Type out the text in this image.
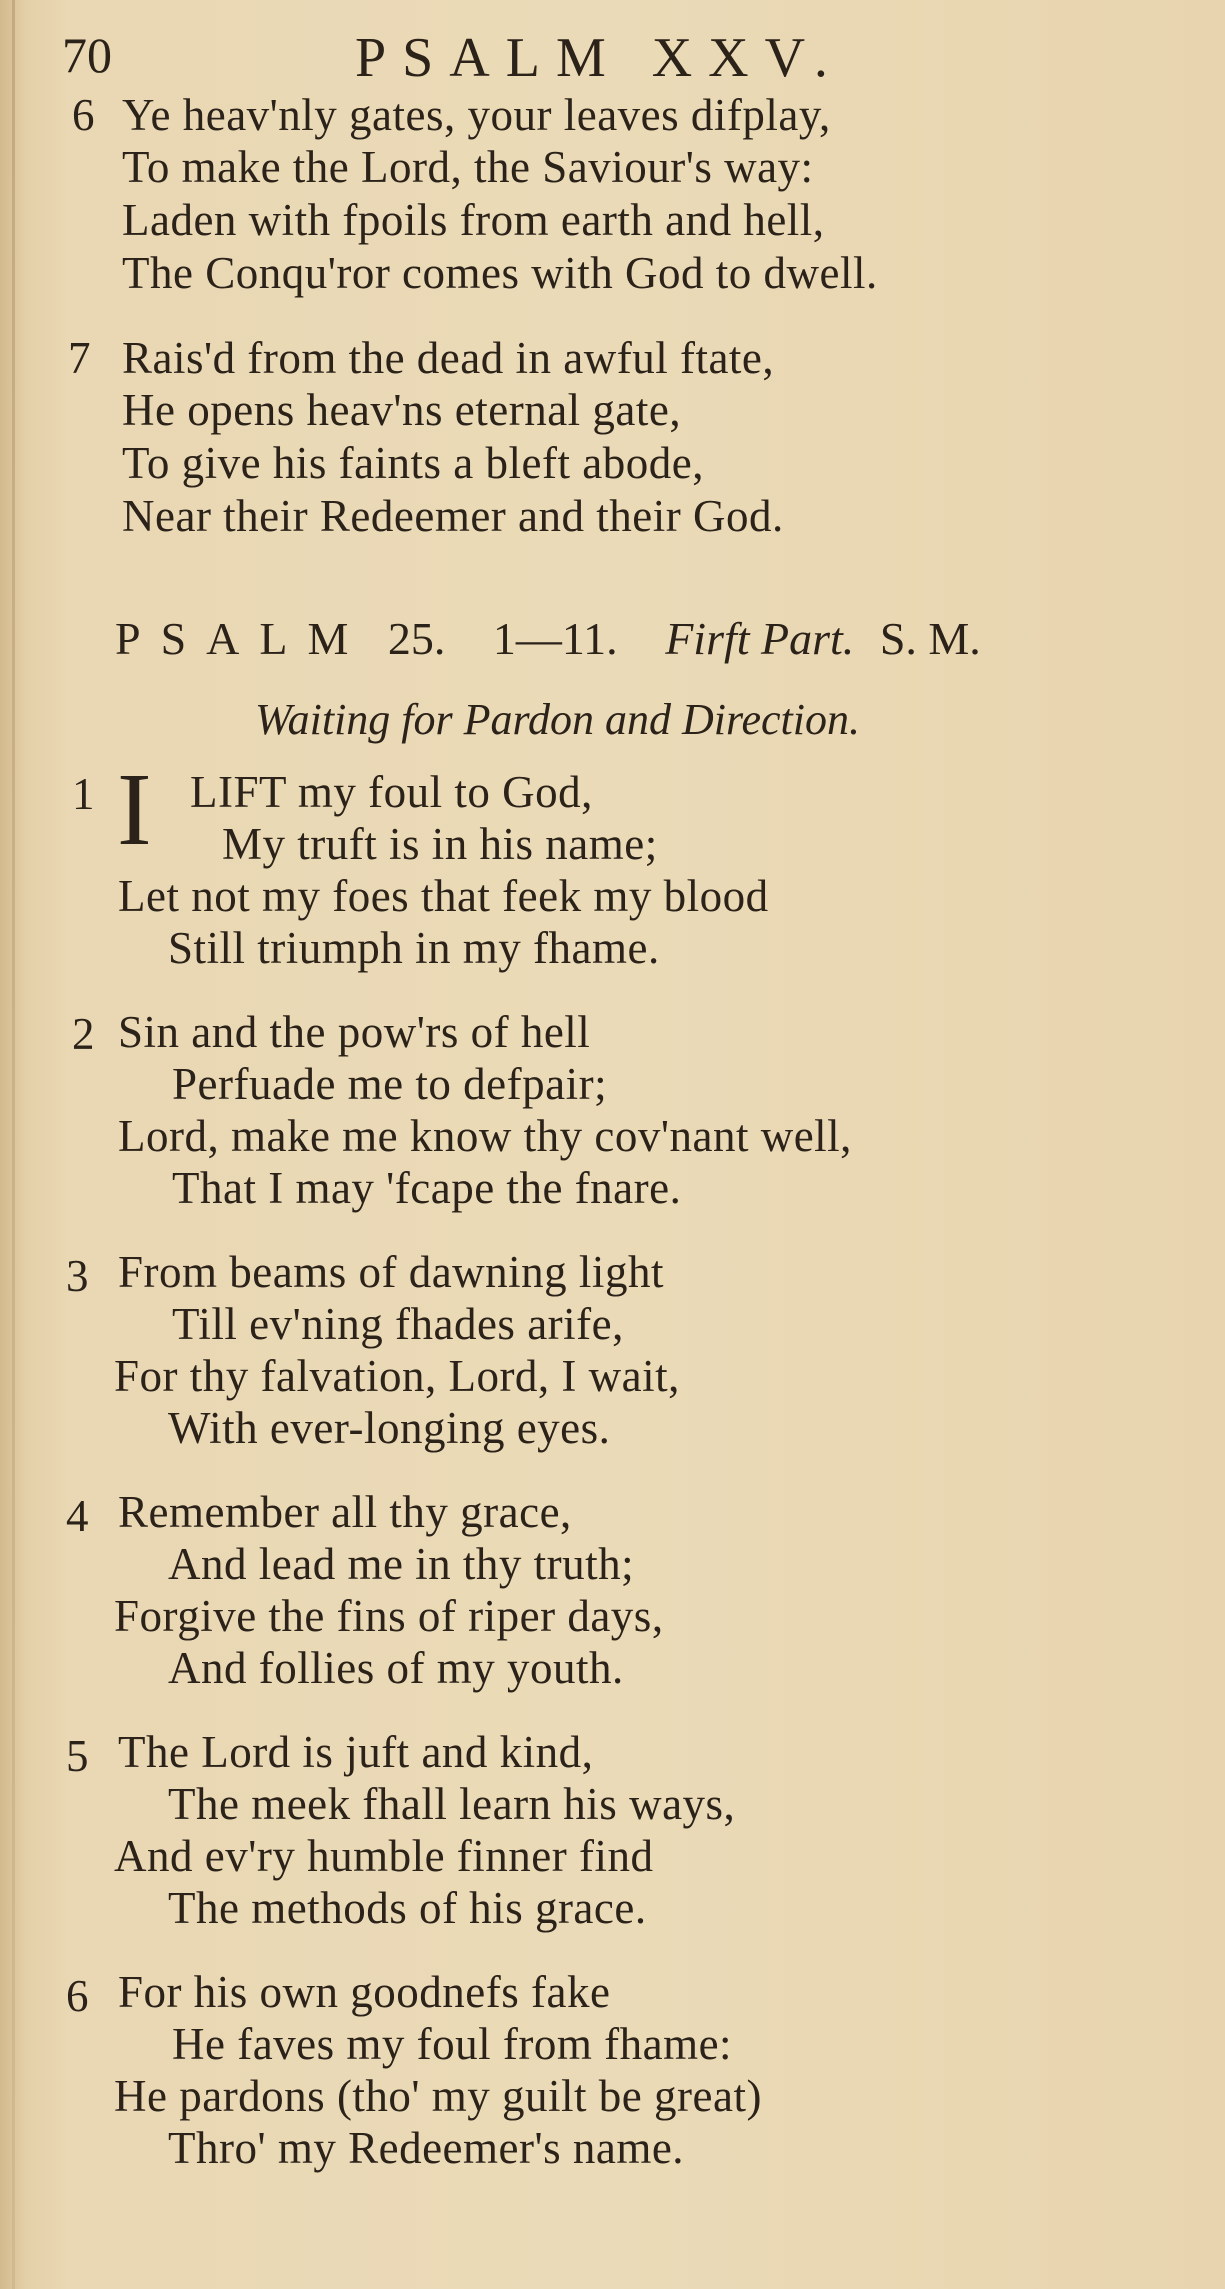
70	PSALM XXV.
6 Ye heav'nly gates, your leaves difplay,
To make the Lord, the Saviour's way:
Laden with fpoils from earth and hell,
The Conqu'ror comes with God to dwell.
7 Rais'd from the dead in awful ftate,
He opens heav'ns eternal gate,
To give his faints a bleft abode,
Near their Redeemer and their God.
PSALM 25. 1—11. Firft Part. S. M.
Waiting for Pardon and Direction.
1 I LIFT my foul to God,
My truft is in his name;
Let not my foes that feek my blood
Still triumph in my fhame.
2 Sin and the pow'rs of hell
Perfuade me to defpair;
Lord, make me know thy cov'nant well,
That I may 'fcape the fnare.
3 From beams of dawning light
Till ev'ning fhades arife,
For thy falvation, Lord, I wait,
With ever-longing eyes.
4 Remember all thy grace,
And lead me in thy truth;
Forgive the fins of riper days,
And follies of my youth.
5 The Lord is juft and kind,
The meek fhall learn his ways,
And ev'ry humble finner find
The methods of his grace.
6 For his own goodnefs fake
He faves my foul from fhame:
He pardons (tho' my guilt be great)
Thro' my Redeemer's name.
